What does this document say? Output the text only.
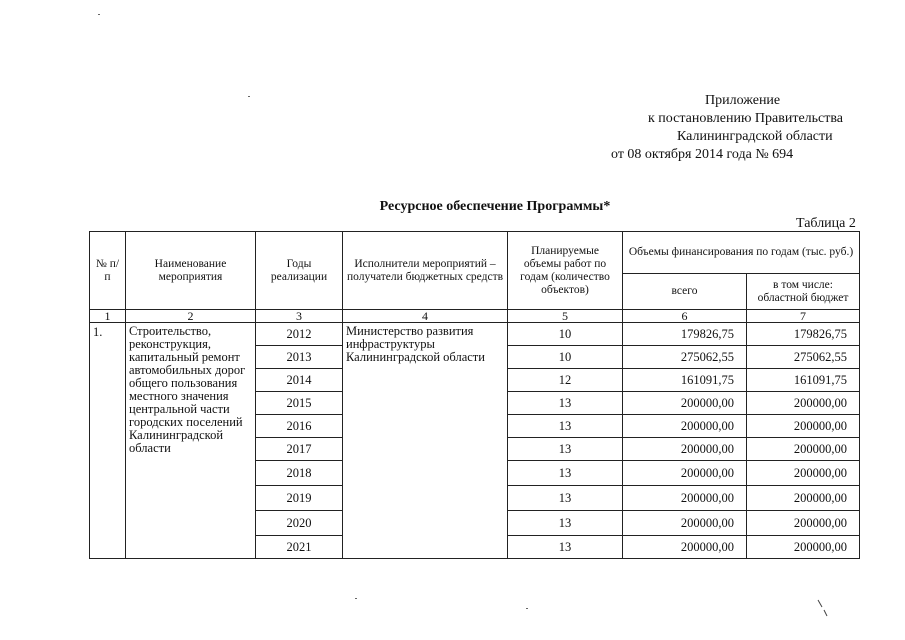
Приложение
к постановлению Правительства
Калининградской области
от 08 октября 2014 года № 694
Ресурсное обеспечение Программы*
Таблица 2
№ п/п	Наименование мероприятия	Годы реализации	Исполнители мероприятий – получатели бюджетных средств	Планируемые объемы работ по годам (количество объектов)	Объемы финансирования по годам (тыс. руб.)	
					всего	в том числе: областной бюджет
1	2	3	4	5	6	7
1.	Строительство, реконструкция, капитальный ремонт автомобильных дорог общего пользования местного значения центральной части городских поселений Калининградской области	2012	Министерство развития инфраструктуры Калининградской области	10	179826,75	179826,75
		2013		10	275062,55	275062,55
		2014		12	161091,75	161091,75
		2015		13	200000,00	200000,00
		2016		13	200000,00	200000,00
		2017		13	200000,00	200000,00
		2018		13	200000,00	200000,00
		2019		13	200000,00	200000,00
		2020		13	200000,00	200000,00
		2021		13	200000,00	200000,00
